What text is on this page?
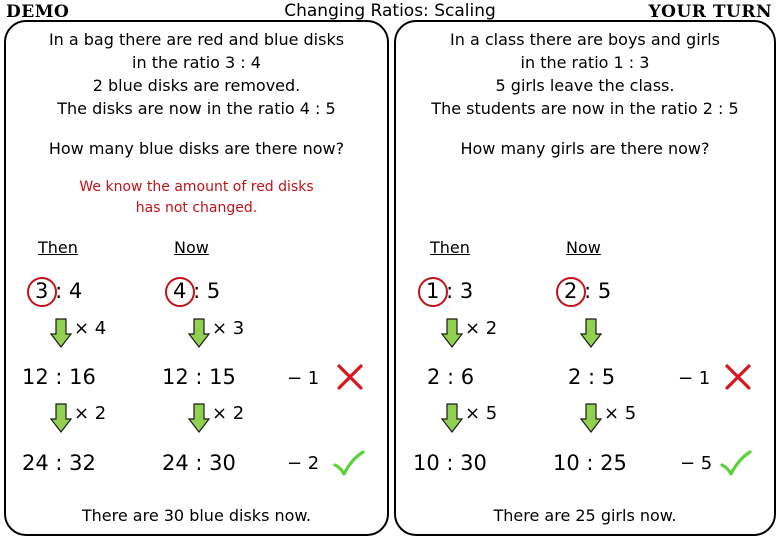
DEMO	Changing Ratios: Scaling	YOUR TURN
In a bag there are red and blue disks
in the ratio 3 : 4
2 blue disks are removed.
The disks are now in the ratio 4 : 5
How many blue disks are there now?
We know the amount of red disks
has not changed.
Then	Now
3 : 4	4 : 5
× 4	× 3
12 : 16	12 : 15	− 1
× 2	× 2
24 : 32	24 : 30	− 2
There are 30 blue disks now.
In a class there are boys and girls
in the ratio 1 : 3
5 girls leave the class.
The students are now in the ratio 2 : 5
How many girls are there now?
Then	Now
1 : 3	2 : 5
× 2
2 : 6	2 : 5	− 1
× 5	× 5
10 : 30	10 : 25	− 5
There are 25 girls now.
